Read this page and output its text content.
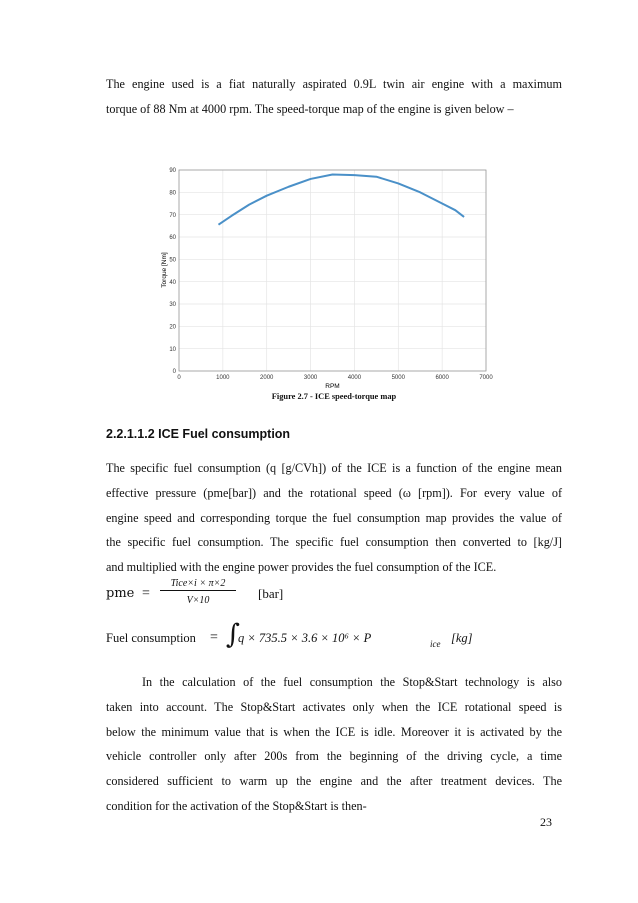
The engine used is a fiat naturally aspirated 0.9L twin air engine with a maximum
torque of 88 Nm at 4000 rpm. The speed-torque map of the engine is given below –
0
10
20
30
40
50
60
70
80
90
0	1000	2000	3000	4000	5000	6000	7000
RPM
Torque [Nm]

Figure 2.7 - ICE speed-torque map

2.2.1.1.2 ICE Fuel consumption
The specific fuel consumption (q [g/CVh]) of the ICE is a function of the engine mean
effective pressure (pme[bar]) and the rotational speed (ω [rpm]). For every value of
engine speed and corresponding torque the fuel consumption map provides the value of
the specific fuel consumption. The specific fuel consumption then converted to [kg/J]
and multiplied with the engine power provides the fuel consumption of the ICE.
pme =
Tice×i × π×2
V×10	[bar]
Fuel consumption = ∫
q × 735.5 × 3.6 × 10⁶ × P	ice [kg]
In the calculation of the fuel consumption the Stop&Start technology is also
taken into account. The Stop&Start activates only when the ICE rotational speed is
below the minimum value that is when the ICE is idle. Moreover it is activated by the
vehicle controller only after 200s from the beginning of the driving cycle, a time
considered sufficient to warm up the engine and the after treatment devices. The
condition for the activation of the Stop&Start is then-
23
